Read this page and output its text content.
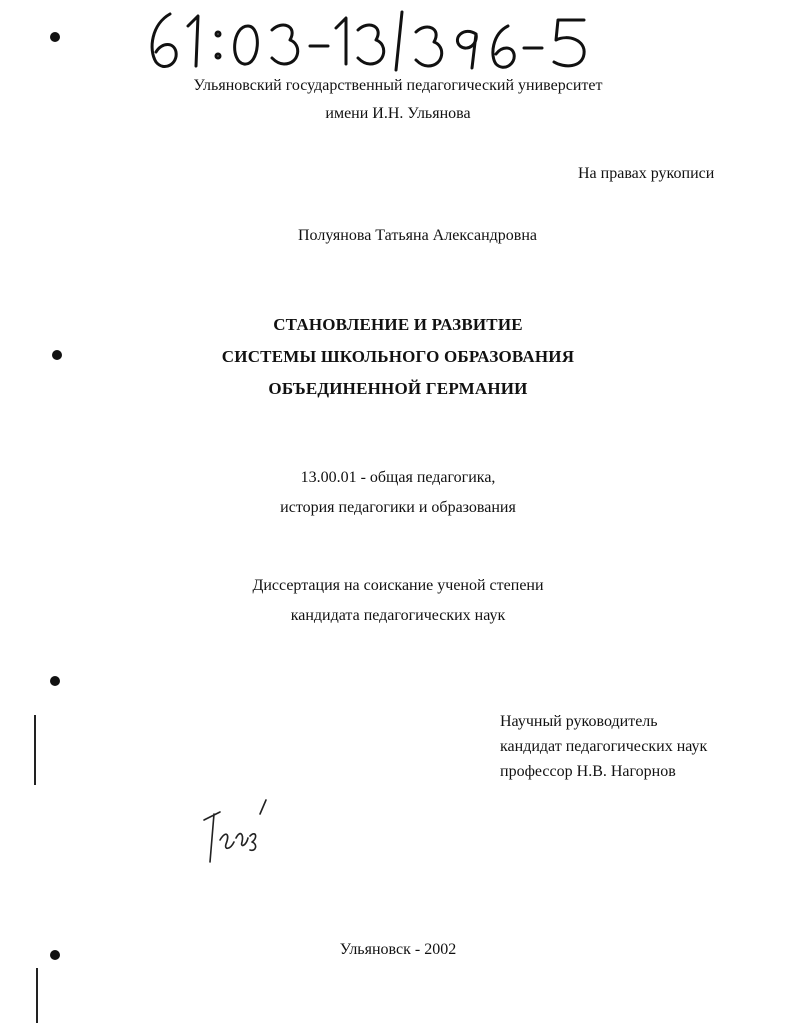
Ульяновский государственный педагогический университет
имени И.Н. Ульянова
На правах рукописи
Полуянова Татьяна Александровна
СТАНОВЛЕНИЕ И РАЗВИТИЕ
СИСТЕМЫ ШКОЛЬНОГО ОБРАЗОВАНИЯ
ОБЪЕДИНЕННОЙ ГЕРМАНИИ
13.00.01 - общая педагогика,
история педагогики и образования
Диссертация на соискание ученой степени
кандидата педагогических наук
Научный руководитель
кандидат педагогических наук
профессор Н.В. Нагорнов
Ульяновск - 2002
